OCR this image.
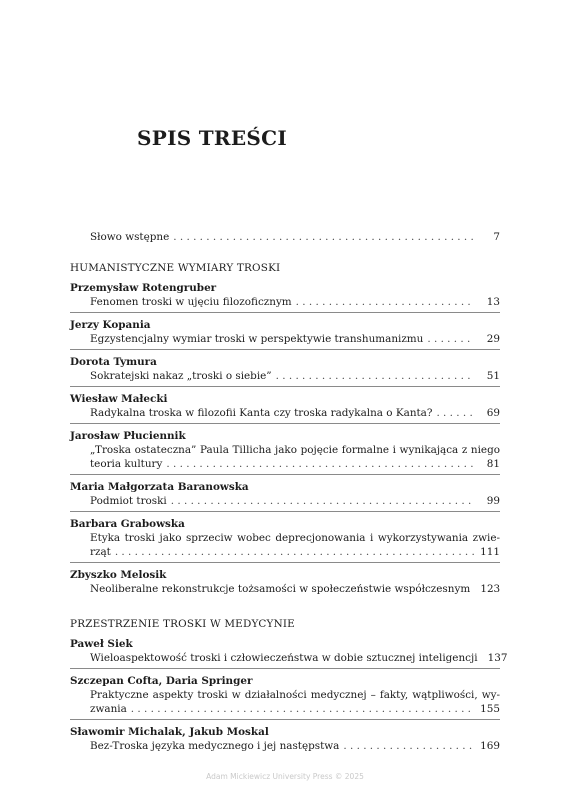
SPIS TREŚCI
Słowo wstępne . . .	7
HUMANISTYCZNE WYMIARY TROSKI
Przemysław Rotengruber
Fenomen troski w ujęciu filozoficznym . . .	13
Jerzy Kopania
Egzystencjalny wymiar troski w perspektywie transhumanizmu . . .	29
Dorota Tymura
Sokratejski nakaz „troski o siebie” . . .	51
Wiesław Małecki
Radykalna troska w filozofii Kanta czy troska radykalna o Kanta? . . .	69
Jarosław Płuciennik
„Troska ostateczna” Paula Tillicha jako pojęcie formalne i wynikająca z niego
teoria kultury . . .	81
Maria Małgorzata Baranowska
Podmiot troski . . .	99
Barbara Grabowska
Etyka troski jako sprzeciw wobec deprecjonowania i wykorzystywania zwie-
rząt . . .	111
Zbyszko Melosik
Neoliberalne rekonstrukcje tożsamości w społeczeństwie współczesnym 123
PRZESTRZENIE TROSKI W MEDYCYNIE
Paweł Siek
Wieloaspektowość troski i człowieczeństwa w dobie sztucznej inteligencji 137
Szczepan Cofta, Daria Springer
Praktyczne aspekty troski w działalności medycznej – fakty, wątpliwości, wy-
zwania . . .	155
Sławomir Michalak, Jakub Moskal
Bez-Troska języka medycznego i jej następstwa . . .	169
Adam Mickiewicz University Press © 2025
